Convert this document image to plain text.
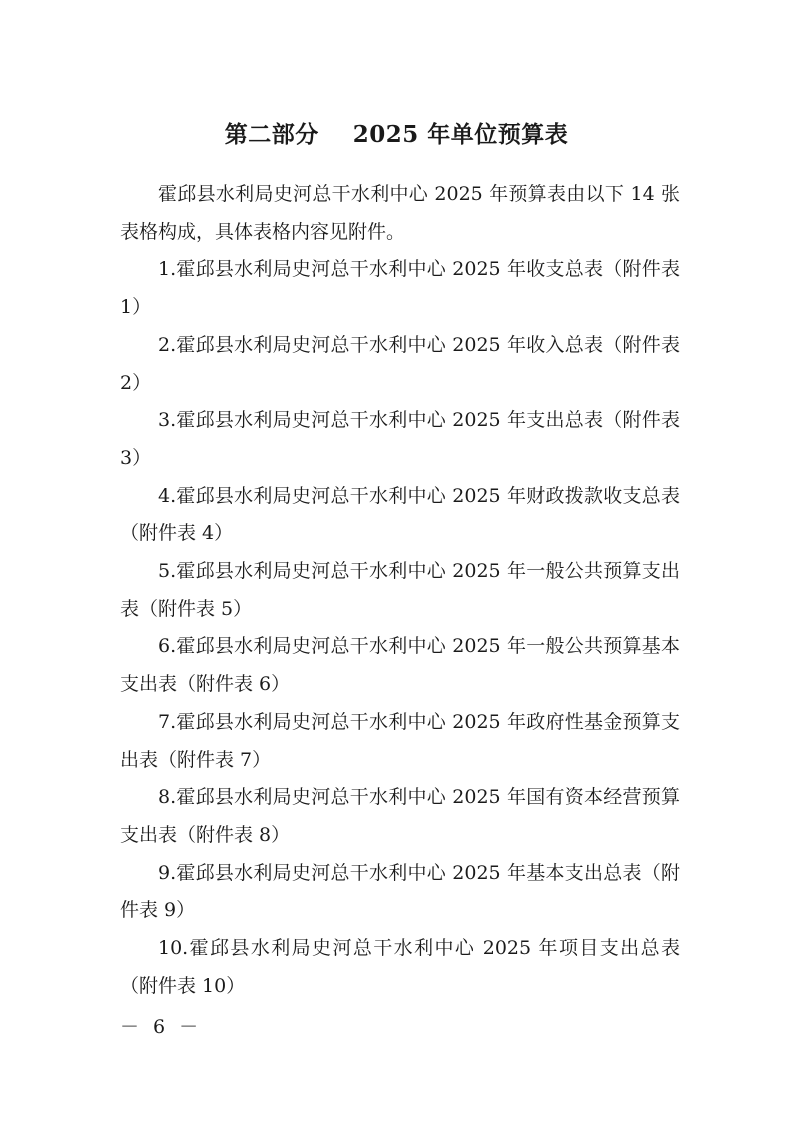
第二部分    2025 年单位预算表

霍邱县水利局史河总干水利中心 2025 年预算表由以下 14 张表格构成，具体表格内容见附件。

1.霍邱县水利局史河总干水利中心 2025 年收支总表（附件表 1）

2.霍邱县水利局史河总干水利中心 2025 年收入总表（附件表 2）

3.霍邱县水利局史河总干水利中心 2025 年支出总表（附件表 3）

4.霍邱县水利局史河总干水利中心 2025 年财政拨款收支总表（附件表 4）

5.霍邱县水利局史河总干水利中心 2025 年一般公共预算支出表（附件表 5）

6.霍邱县水利局史河总干水利中心 2025 年一般公共预算基本支出表（附件表 6）

7.霍邱县水利局史河总干水利中心 2025 年政府性基金预算支出表（附件表 7）

8.霍邱县水利局史河总干水利中心 2025 年国有资本经营预算支出表（附件表 8）

9.霍邱县水利局史河总干水利中心 2025 年基本支出总表（附件表 9）

10.霍邱县水利局史河总干水利中心 2025 年项目支出总表（附件表 10）

－ 6 －
